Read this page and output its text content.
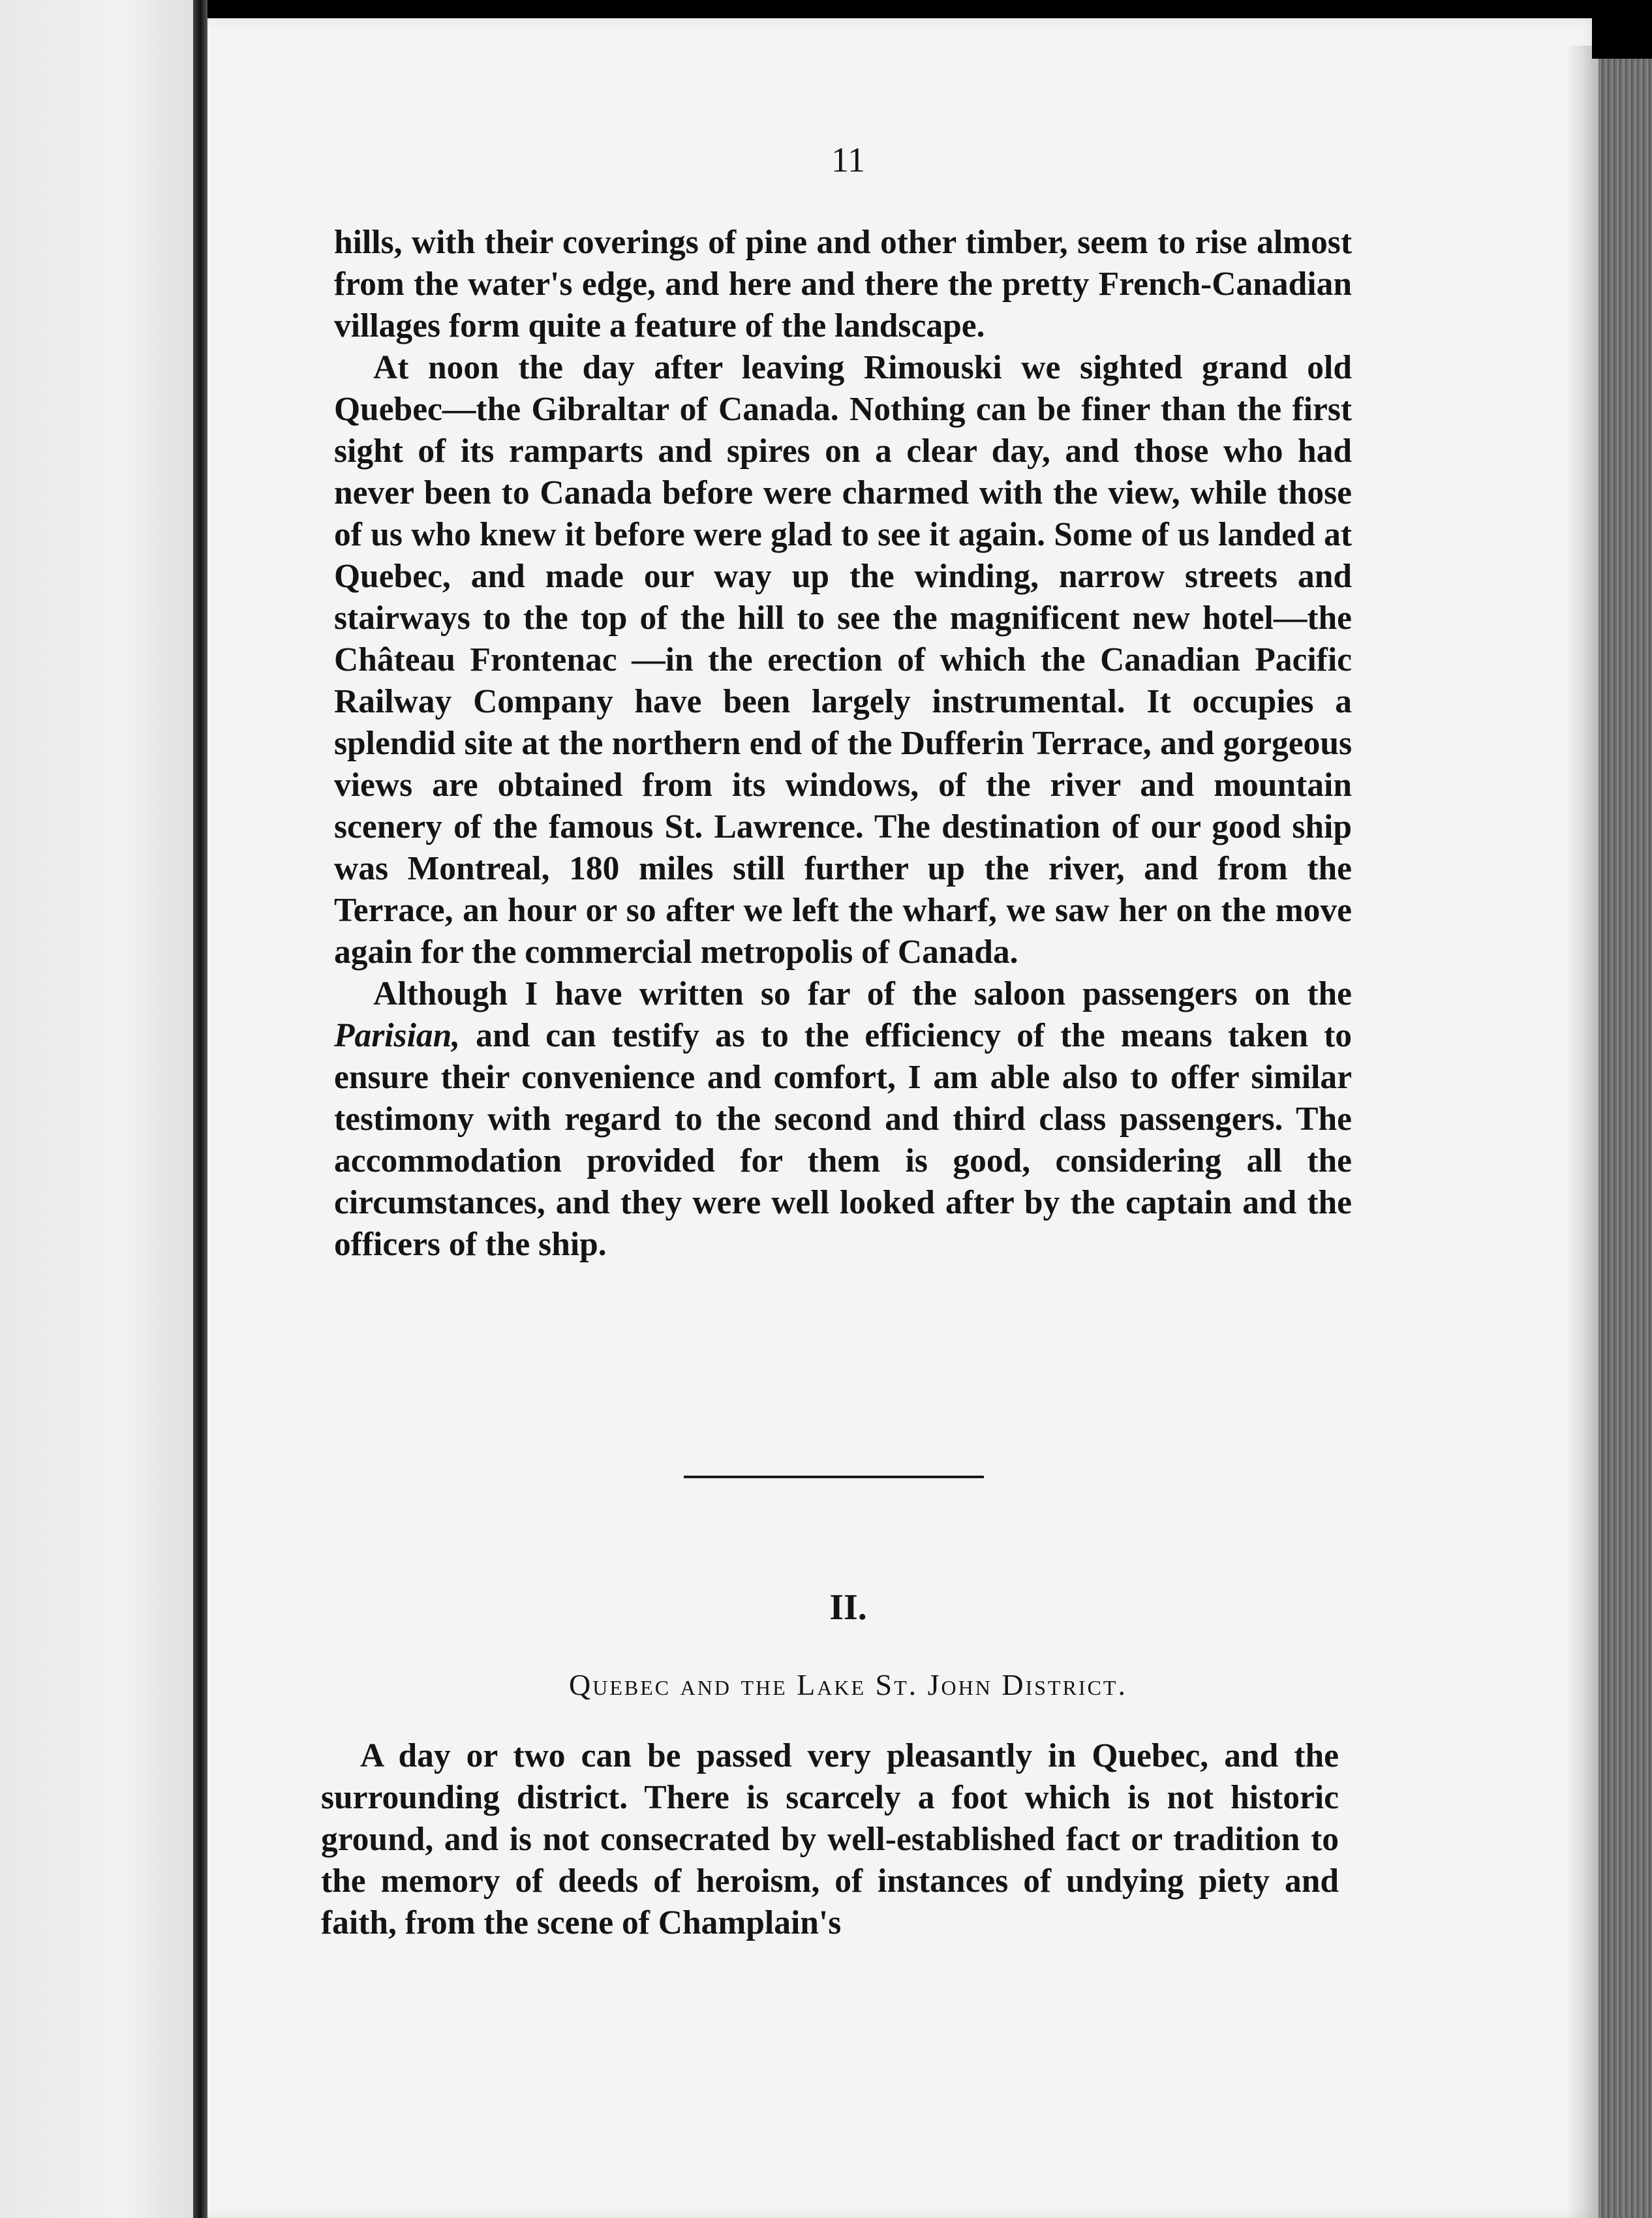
11

hills, with their coverings of pine and other timber, seem to rise almost from the water's edge, and here and there the pretty French-Canadian villages form quite a feature of the landscape.

At noon the day after leaving Rimouski we sighted grand old Quebec—the Gibraltar of Canada. Nothing can be finer than the first sight of its ramparts and spires on a clear day, and those who had never been to Canada before were charmed with the view, while those of us who knew it before were glad to see it again. Some of us landed at Quebec, and made our way up the winding, narrow streets and stairways to the top of the hill to see the magnificent new hotel—the Château Frontenac —in the erection of which the Canadian Pacific Railway Company have been largely instrumental. It occupies a splendid site at the northern end of the Dufferin Terrace, and gorgeous views are obtained from its windows, of the river and mountain scenery of the famous St. Lawrence. The destination of our good ship was Montreal, 180 miles still further up the river, and from the Terrace, an hour or so after we left the wharf, we saw her on the move again for the commercial metropolis of Canada.

Although I have written so far of the saloon passengers on the Parisian, and can testify as to the efficiency of the means taken to ensure their convenience and comfort, I am able also to offer similar testimony with regard to the second and third class passengers. The accommodation provided for them is good, considering all the circumstances, and they were well looked after by the captain and the officers of the ship.

II.
Quebec and the Lake St. John District.

A day or two can be passed very pleasantly in Quebec, and the surrounding district. There is scarcely a foot which is not historic ground, and is not consecrated by well-established fact or tradition to the memory of deeds of heroism, of instances of undying piety and faith, from the scene of Champlain's
